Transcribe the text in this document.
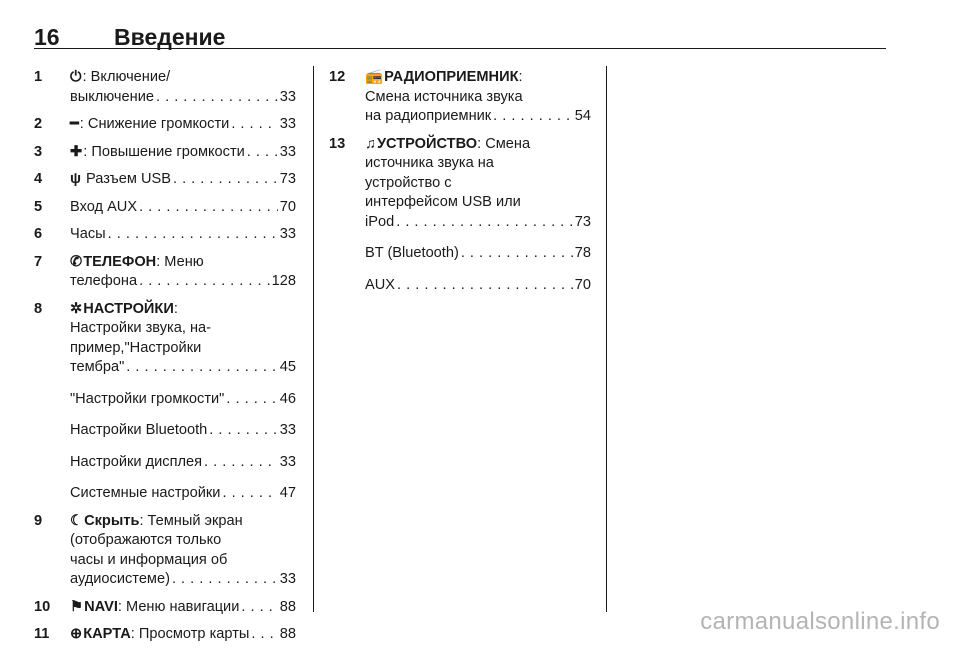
16 Введение
1 ⏻: Включение/
выключение . . .	33
2 ━: Снижение громкости . . .	33
3 ✚: Повышение громкости . . . 33
4 ψ Разъем USB . . .	73
5 Вход AUX . . .	70
6 Часы . . .	33
7 ✆ТЕЛЕФОН: Меню
телефона . . .	128
8 ✲НАСТРОЙКИ:
Настройки звука, на-
пример,"Настройки
тембра" . . .	45
"Настройки громкости" . . .	46
Настройки Bluetooth . . .	33
Настройки дисплея . . .	33
Системные настройки . . .	47
9 ☾Скрыть: Темный экран
(отображаются только
часы и информация об
аудиосистеме) . . .	33
10 ⚑NAVI: Меню навигации . . .	88
11 ⊕КАРТА: Просмотр карты . . . 88
12 📻РАДИОПРИЕМНИК:
Смена источника звука
на радиоприемник . . .	54
13 ♫УСТРОЙСТВО: Смена
источника звука на
устройство с
интерфейсом USB или
iPod . . .	73
BT (Bluetooth) . . .	78
AUX . . .	70
carmanualsonline.info
